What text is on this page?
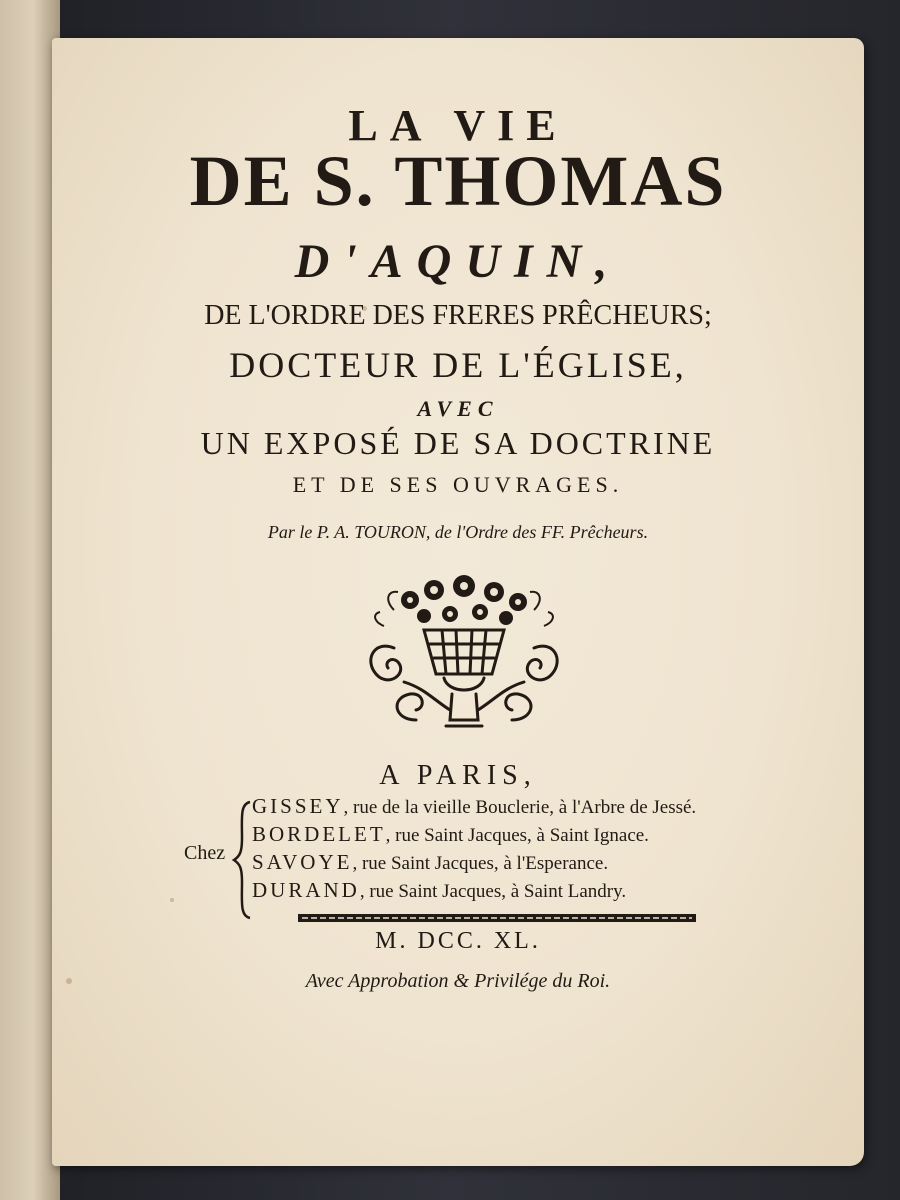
LA VIE
DE S. THOMAS
D'AQUIN,
DE L'ORDRE DES FRERES PRÊCHEURS;
DOCTEUR DE L'ÉGLISE,
AVEC
UN EXPOSÉ DE SA DOCTRINE
ET DE SES OUVRAGES.
Par le P. A. TOURON, de l'Ordre des FF. Prêcheurs.
A PARIS,
Chez
GISSEY, rue de la vieille Bouclerie, à l'Arbre de Jessé.
BORDELET, rue Saint Jacques, à Saint Ignace.
SAVOYE, rue Saint Jacques, à l'Esperance.
DURAND, rue Saint Jacques, à Saint Landry.
M. DCC. XL.
Avec Approbation & Privilége du Roi.
